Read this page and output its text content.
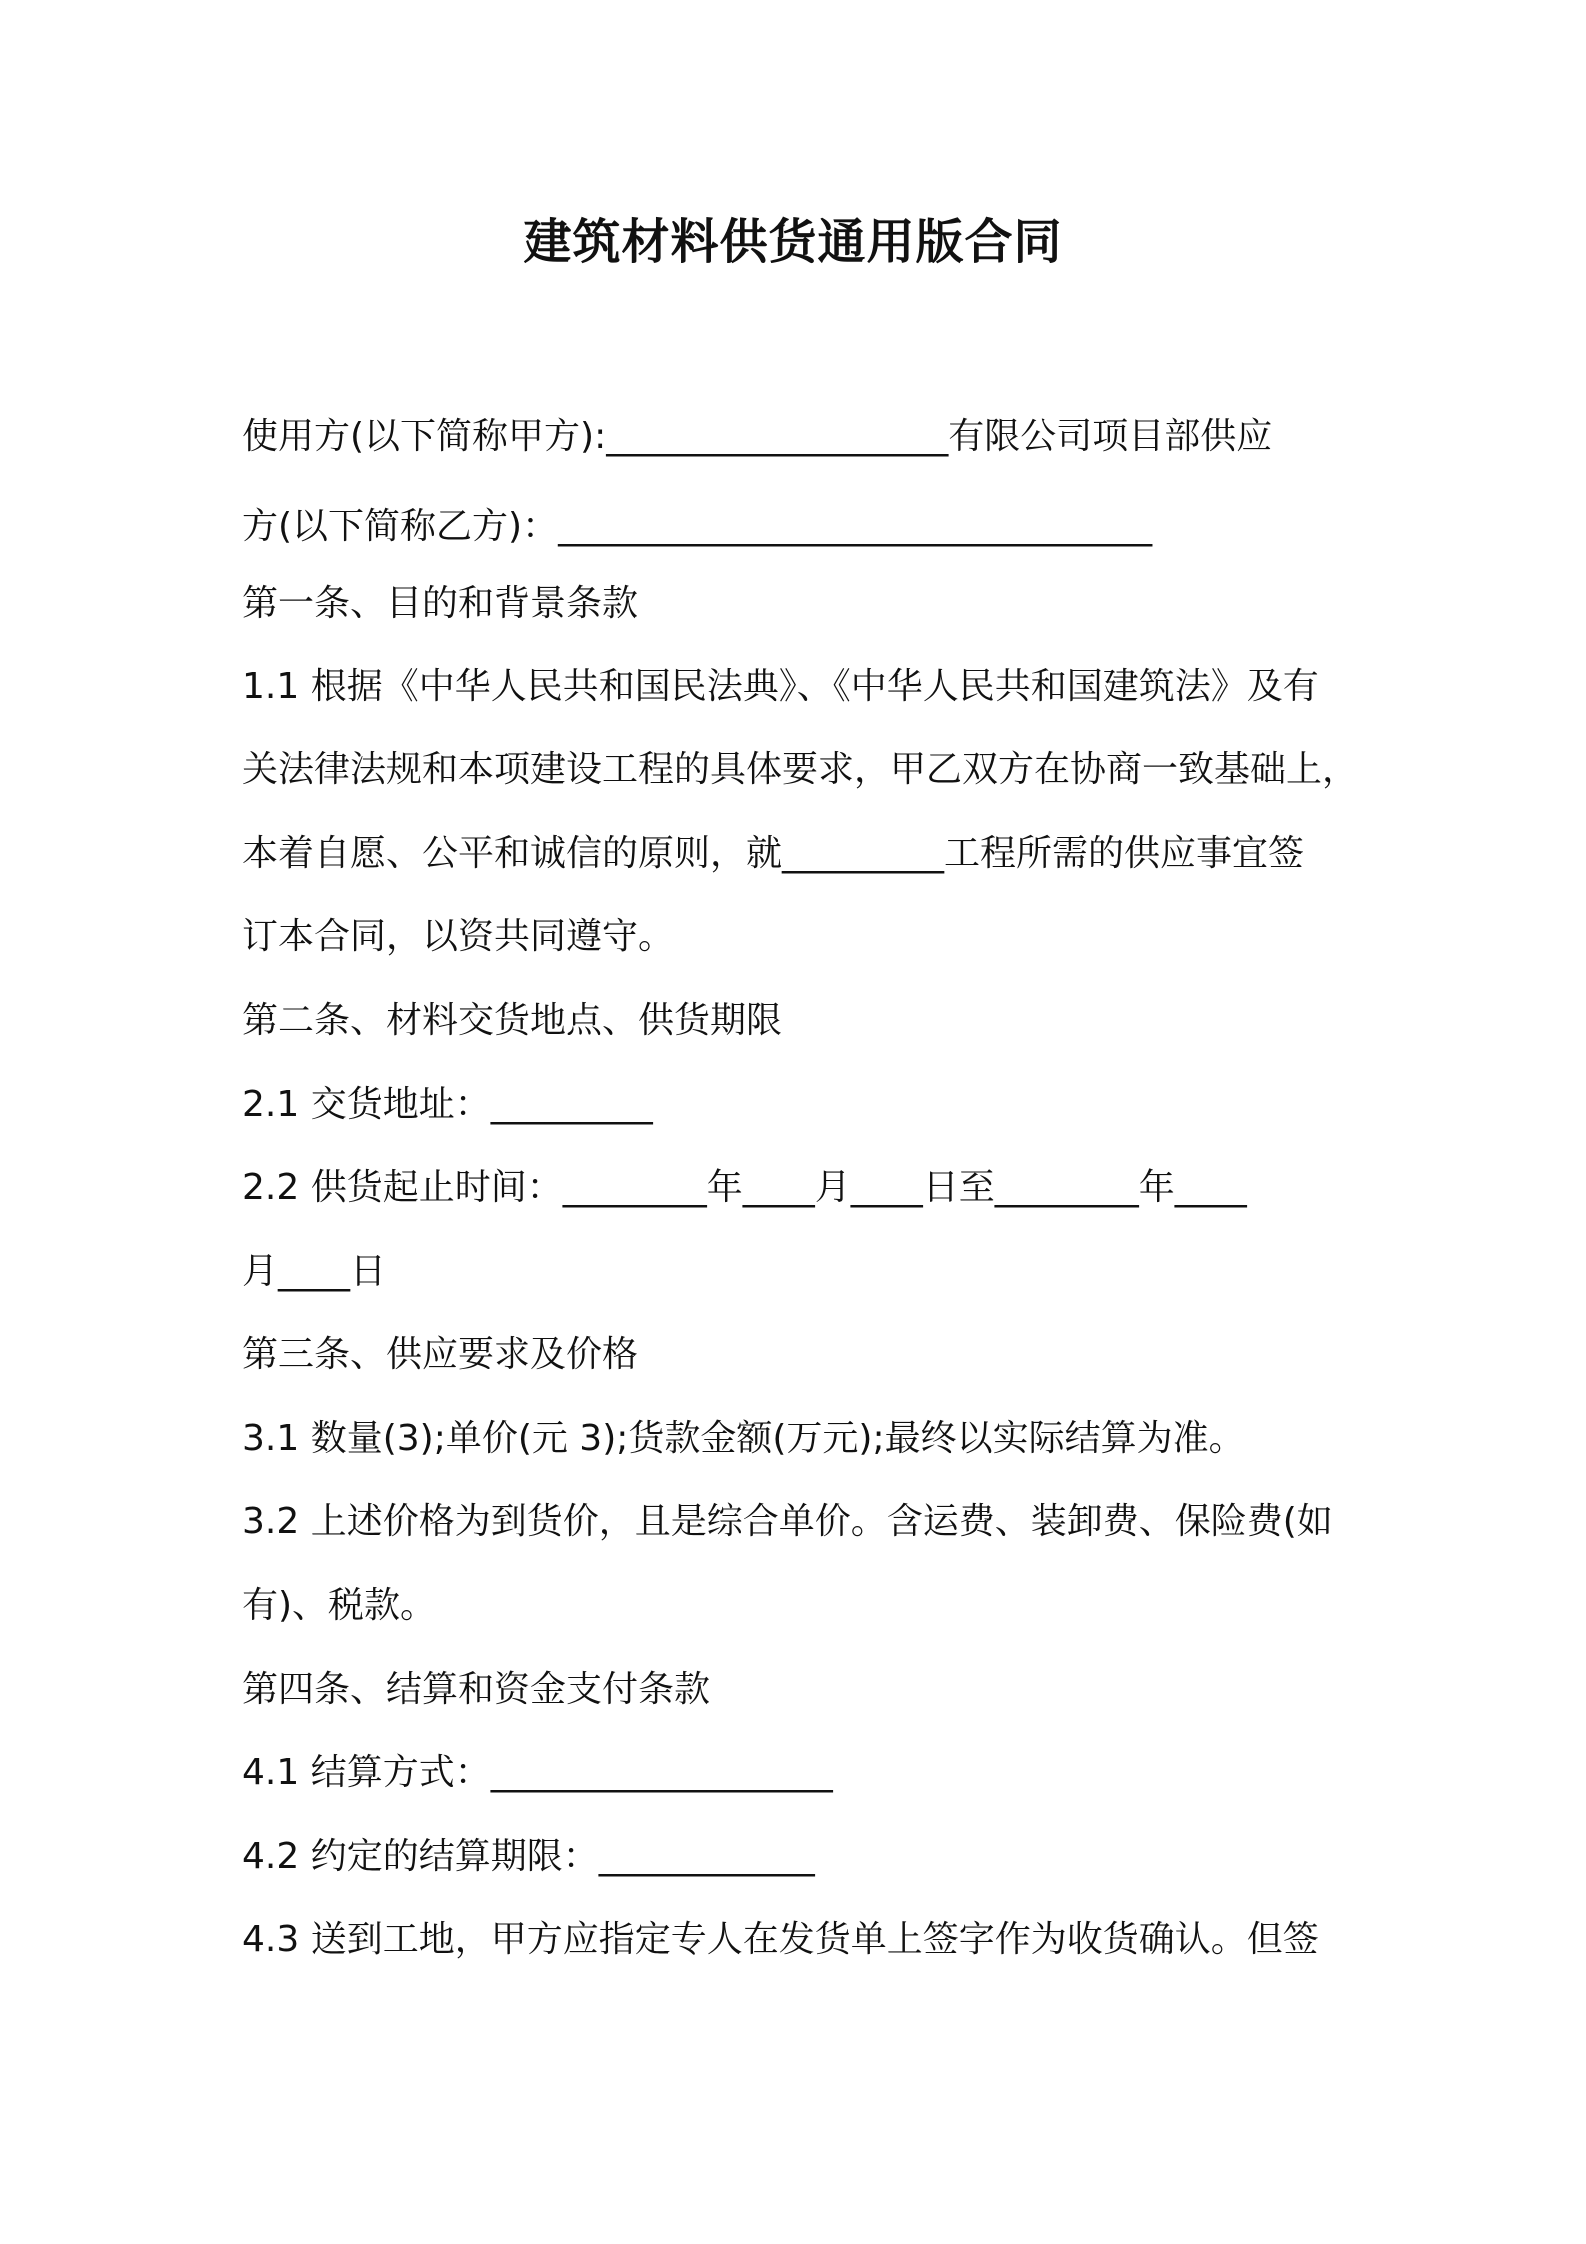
建筑材料供货通用版合同
使用方(以下简称甲方):___________________有限公司项目部供应
方(以下简称乙方)：_________________________________
第一条、目的和背景条款
1.1 根据《中华人民共和国民法典》、《中华人民共和国建筑法》及有
关法律法规和本项建设工程的具体要求，甲乙双方在协商一致基础上，
本着自愿、公平和诚信的原则，就_________工程所需的供应事宜签
订本合同，以资共同遵守。
第二条、材料交货地点、供货期限
2.1 交货地址：_________
2.2 供货起止时间：________年____月____日至________年____
月____日
第三条、供应要求及价格
3.1 数量(3);单价(元 3);货款金额(万元);最终以实际结算为准。
3.2 上述价格为到货价，且是综合单价。含运费、装卸费、保险费(如
有)、税款。
第四条、结算和资金支付条款
4.1 结算方式：___________________
4.2 约定的结算期限：____________
4.3 送到工地，甲方应指定专人在发货单上签字作为收货确认。但签
